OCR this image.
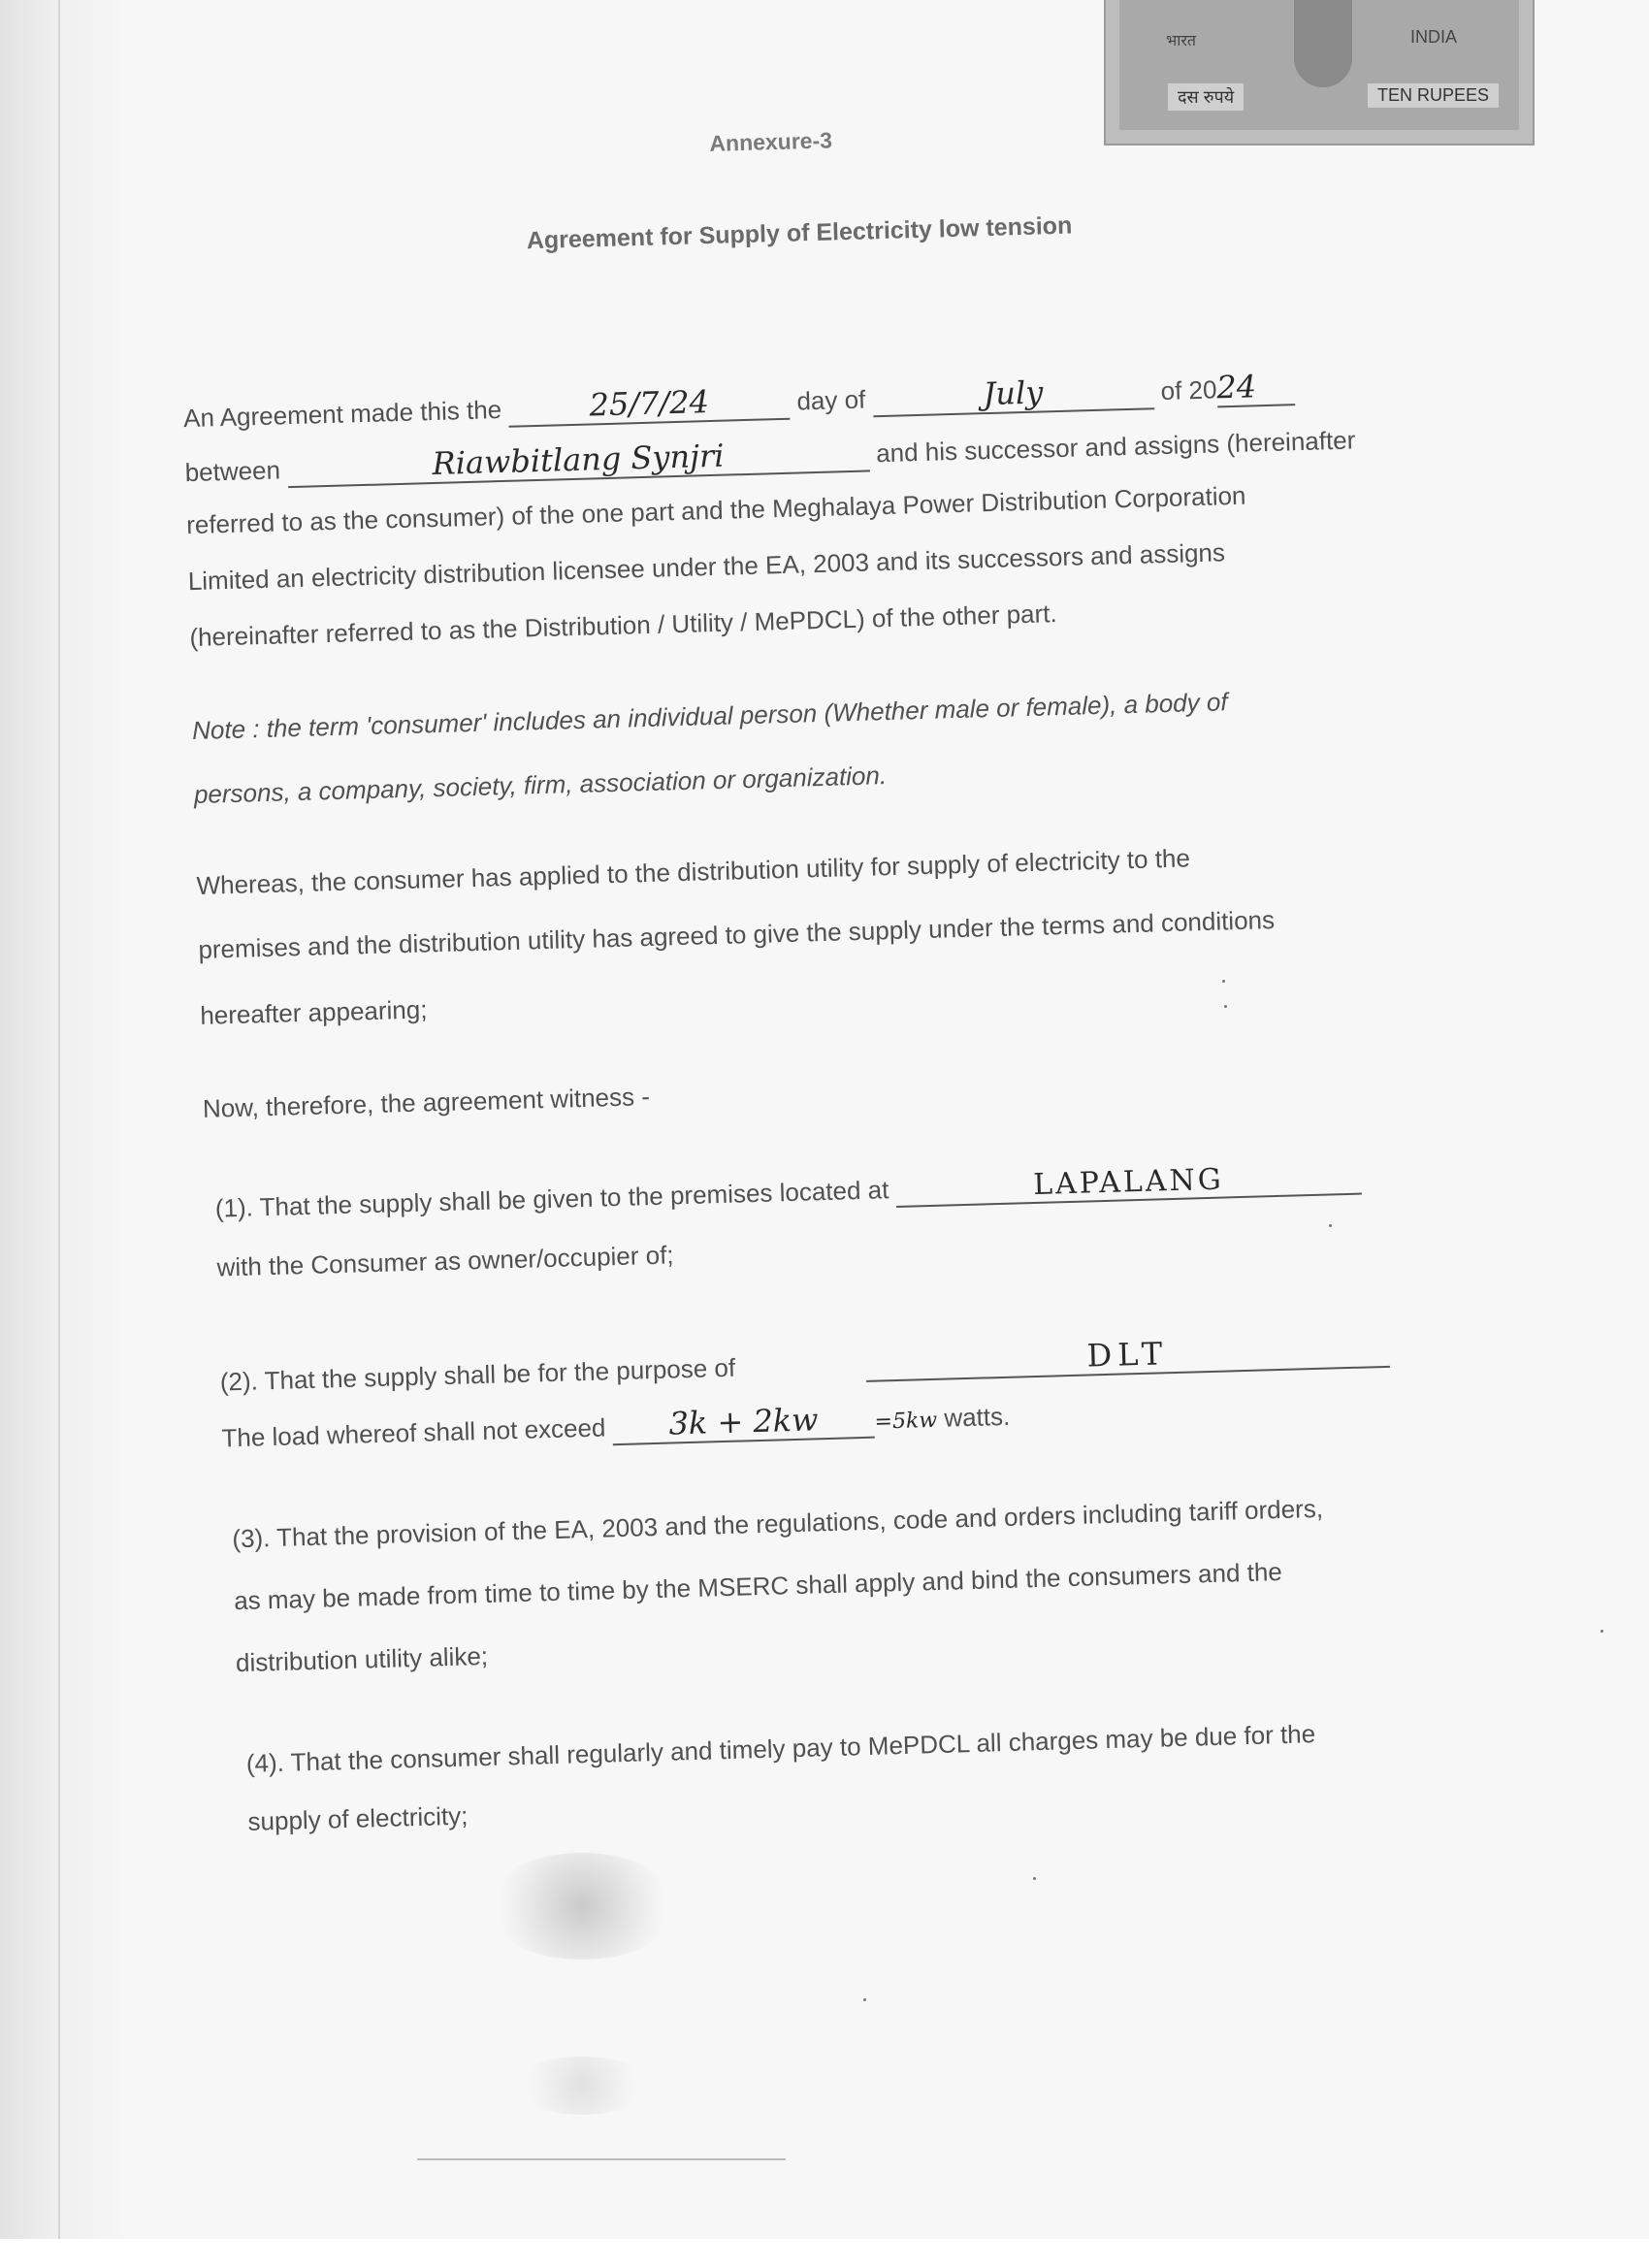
भारत	INDIA
दस रुपये	TEN RUPEES
Annexure-3
Agreement for Supply of Electricity low tension
An Agreement made this the	25/7/24	day of	July	of 2024
between	Riawbitlang Synjri	and his successor and assigns (hereinafter
referred to as the consumer) of the one part and the Meghalaya Power Distribution Corporation
Limited an electricity distribution licensee under the EA, 2003 and its successors and assigns
(hereinafter referred to as the Distribution / Utility / MePDCL) of the other part.
Note : the term 'consumer' includes an individual person (Whether male or female), a body of
persons, a company, society, firm, association or organization.
Whereas, the consumer has applied to the distribution utility for supply of electricity to the
premises and the distribution utility has agreed to give the supply under the terms and conditions
hereafter appearing;
Now, therefore, the agreement witness -
(1). That the supply shall be given to the premises located at	LAPALANG
with the Consumer as owner/occupier of;
(2). That the supply shall be for the purpose of	DLT
The load whereof shall not exceed 3k + 2kw	=5kw watts.
(3). That the provision of the EA, 2003 and the regulations, code and orders including tariff orders,
as may be made from time to time by the MSERC shall apply and bind the consumers and the
distribution utility alike;
(4). That the consumer shall regularly and timely pay to MePDCL all charges may be due for the
supply of electricity;
